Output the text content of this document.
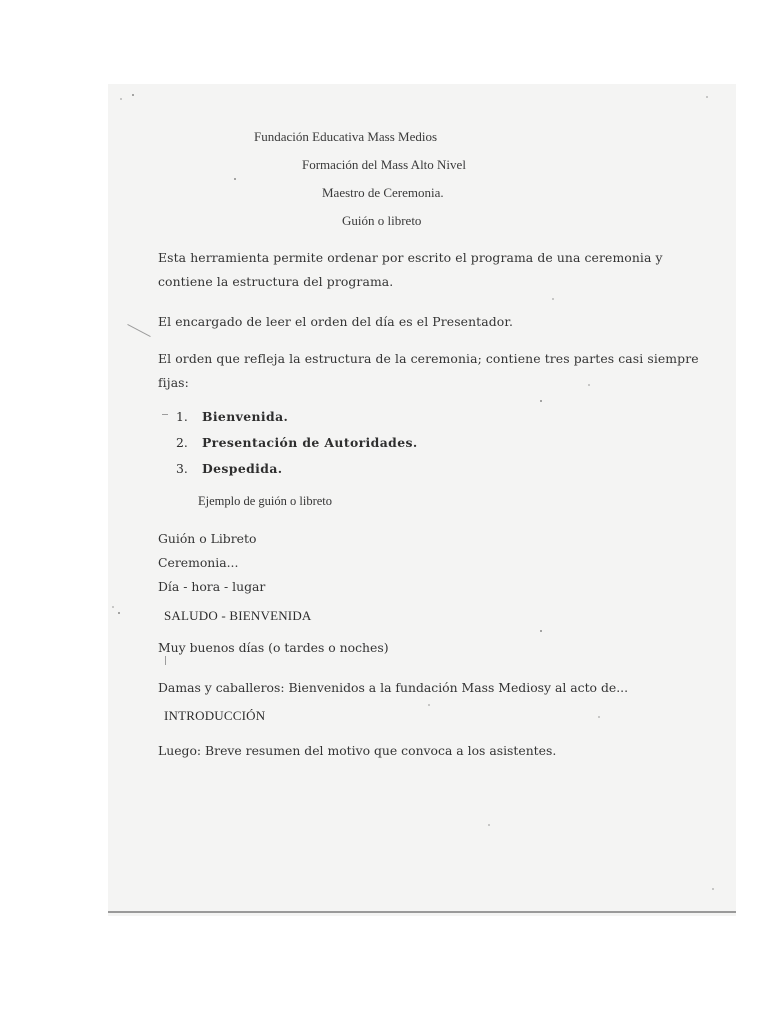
Fundación Educativa Mass Medios
Formación del Mass Alto Nivel
Maestro de Ceremonia.
Guión o libreto
Esta herramienta permite ordenar por escrito el programa de una ceremonia y contiene la estructura del programa.
El encargado de leer el orden del día es el Presentador.
El orden que refleja la estructura de la ceremonia; contiene tres partes casi siempre fijas:
1. Bienvenida.
2. Presentación de Autoridades.
3. Despedida.
Ejemplo de guión o libreto
Guión o Libreto
Ceremonia...
Día - hora - lugar
SALUDO - BIENVENIDA
Muy buenos días (o tardes o noches)
Damas y caballeros: Bienvenidos a la fundación Mass Mediosy al acto de...
INTRODUCCIÓN
Luego: Breve resumen del motivo que convoca a los asistentes.
